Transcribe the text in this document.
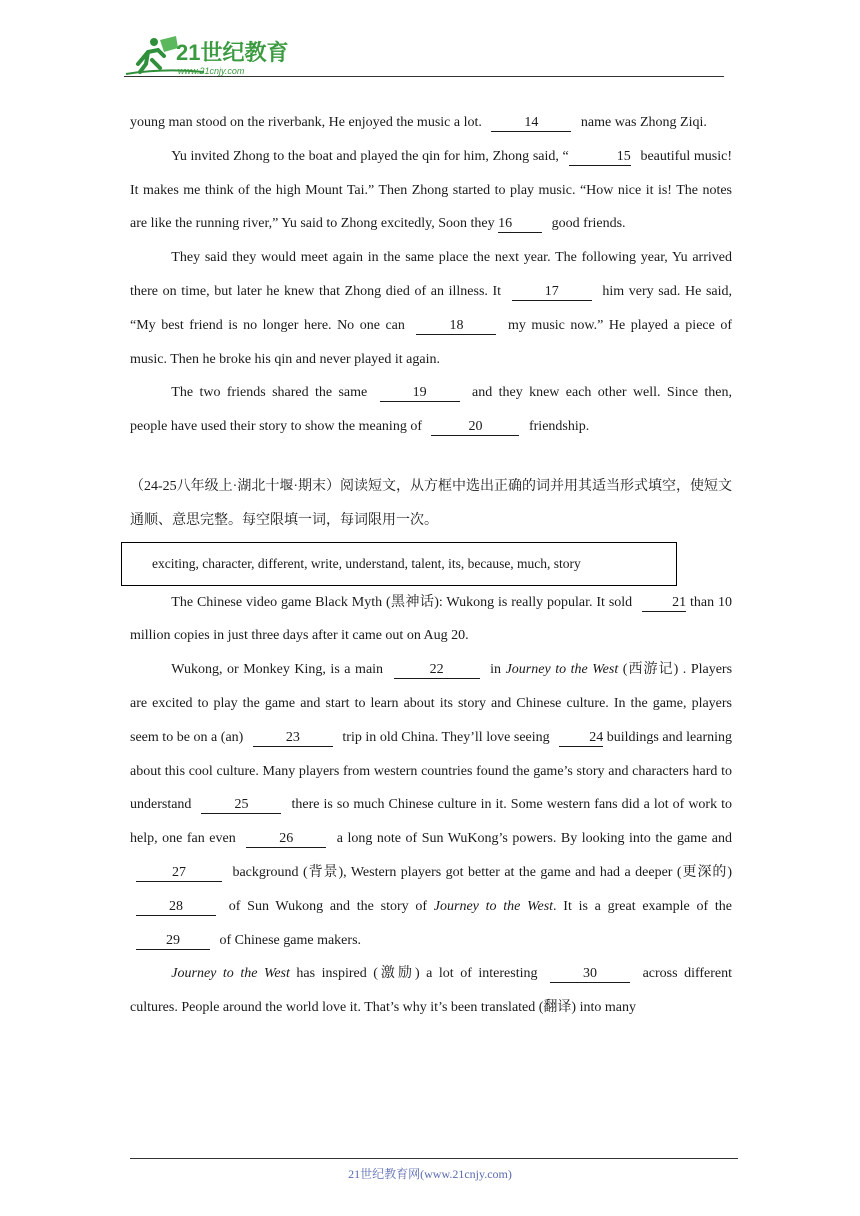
21世纪教育
www.21cnjy.com

young man stood on the riverbank, He enjoyed the music a lot.	14	name was Zhong Ziqi.

Yu invited Zhong to the boat and played the qin for him, Zhong said, “	15 beautiful music! It makes me think of the high Mount Tai.” Then Zhong started to play music. “How nice it is! The notes are like the running river,” Yu said to Zhong excitedly, Soon they 16	good friends.

They said they would meet again in the same place the next year. The following year, Yu arrived there on time, but later he knew that Zhong died of an illness. It	17	him very sad. He said, “My best friend is no longer here. No one can	18	my music now.” He played a piece of music. Then he broke his qin and never played it again.

The two friends shared the same	19	and they knew each other well. Since then, people have used their story to show the meaning of	20	friendship.

（24-25八年级上·湖北十堰·期末）阅读短文，从方框中选出正确的词并用其适当形式填空，使短文通顺、意思完整。每空限填一词，每词限用一次。

exciting, character, different, write, understand, talent, its, because, much, story

The Chinese video game Black Myth (黑神话): Wukong is really popular. It sold	21 than 10 million copies in just three days after it came out on Aug 20.

Wukong, or Monkey King, is a main	22	in Journey to the West (西游记) . Players are excited to play the game and start to learn about its story and Chinese culture. In the game, players seem to be on a (an)	23	trip in old China. They’ll love seeing	24 buildings and learning about this cool culture. Many players from western countries found the game’s story and characters hard to understand	25	there is so much Chinese culture in it. Some western fans did a lot of work to help, one fan even	26	a long note of Sun WuKong’s powers. By looking into the game and 27	background (背景), Western players got better at the game and had a deeper (更深的) 28	of Sun Wukong and the story of Journey to the West. It is a great example of the 29	of Chinese game makers.

Journey to the West has inspired (激励) a lot of interesting	30	across different cultures. People around the world love it. That’s why it’s been translated (翻译) into many

21世纪教育网(www.21cnjy.com)
